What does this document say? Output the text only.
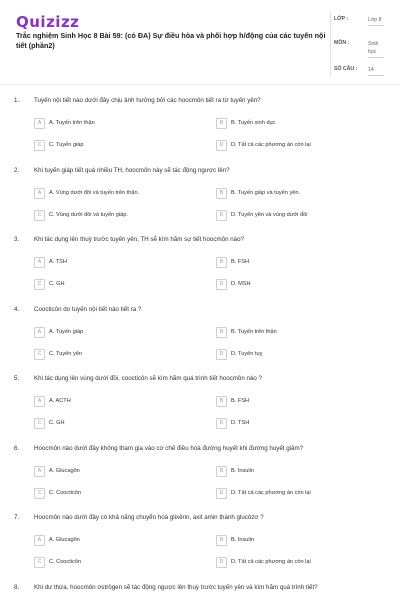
Quizizz
Trắc nghiệm Sinh Học 8 Bài 59: (có ĐA) Sự điều hòa và phối hợp h/động của các tuyến nội tiết (phần2)
LỚP :	Lớp 8
MÔN :	Sinh học
SỐ CÂU : 14
1. Tuyến nội tiết nào dưới đây chịu ảnh hưởng bởi các hoocmôn tiết ra từ tuyến yên?
A	A. Tuyến trên thận	B	B. Tuyến sinh dục
C	C. Tuyến giáp	D	D. Tất cả các phương án còn lại
2. Khi tuyến giáp tiết quá nhiều TH, hoocmôn này sẽ tác động ngược lên?
A	A. Vùng dưới đồi và tuyến trên thận.	B	B. Tuyến giáp và tuyến yên.
C	C. Vùng dưới đồi và tuyến giáp.	D	D. Tuyến yên và vùng dưới đồi
3. Khi tác dụng lên thuỳ trước tuyến yên, TH sẽ kìm hãm sự tiết hoocmôn nào?
A	A. TSH	B	B. FSH
C	C. GH	D	D. MSH
4. Coocticôn do tuyến nội tiết nào tiết ra ?
A	A. Tuyến giáp	B	B. Tuyến trên thận
C	C. Tuyến yên	D	D. Tuyến tuỵ
5. Khi tác dụng lên vùng dưới đồi, coocticôn sẽ kìm hãm quá trình tiết hoocmôn nào ?
A	A. ACTH	B	B. FSH
C	C. GH	D	D. TSH
6. Hoocmôn nào dưới đây không tham gia vào cơ chế điều hoà đường huyết khi đường huyết giảm?
A	A. Glucagôn	B	B. Insulin
C	C. Coocticôn	D	D. Tất cả các phương án còn lại
7. Hoocmôn nào dưới đây có khả năng chuyển hoá glixêrin, axit amin thành glucôzơ ?
A	A. Glucagôn	B	B. Insulin
C	C. Coocticôn	D	D. Tất cả các phương án còn lại
8. Khi dư thừa, hoocmôn ơstrôgen sẽ tác động ngược lên thuỳ trước tuyến yên và kìm hãm quá trình tiết?
